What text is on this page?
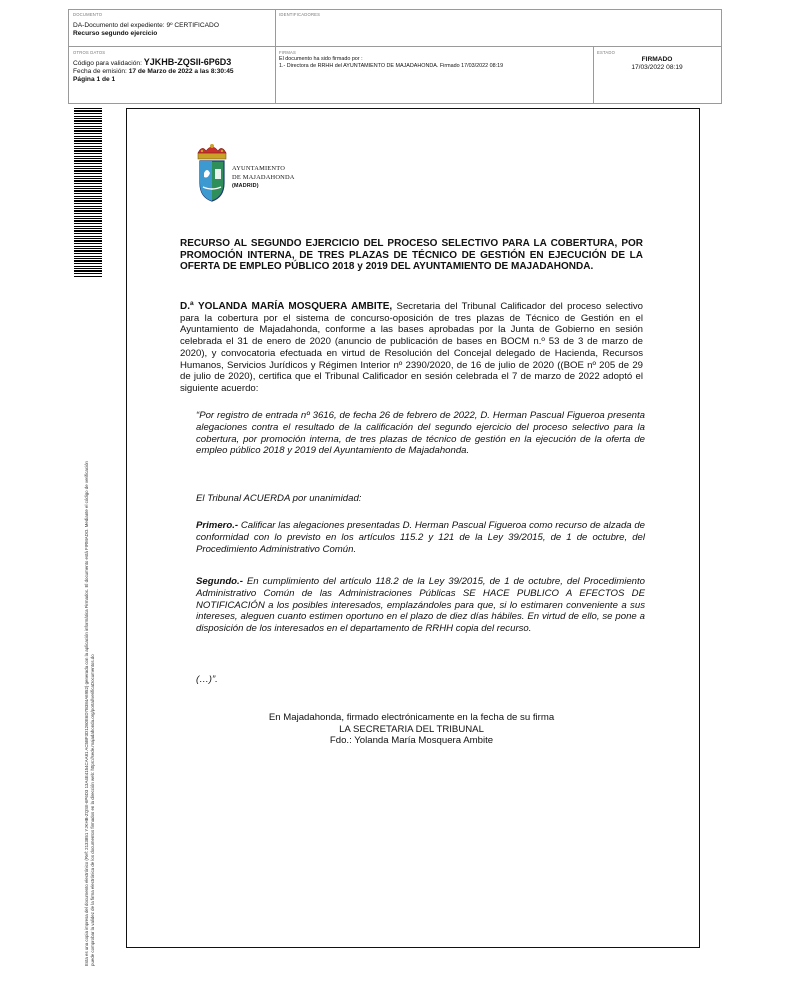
DOCUMENTO
DA-Documento del expediente: 9º CERTIFICADO
Recurso segundo ejercicio
IDENTIFICADORES
OTROS DATOS
Código para validación: YJKHB-ZQSII-6P6D3
Fecha de emisión: 17 de Marzo de 2022 a las 8:30:45
Página 1 de 1
FIRMAS
El documento ha sido firmado por :
1.- Directora de RRHH del AYUNTAMIENTO DE MAJADAHONDA. Firmado 17/03/2022 08:19
ESTADO
FIRMADO
17/03/2022 08:19
Esta es una copia impresa del documento electrónico (Ref: 2133851 YJKHB-ZQSII-6P6D3 13A4E4154CAA81 AC5BF3D1260E6D7B384A6952) generada con la aplicación informática Firmadoc. El documento está FIRMADO. Mediante el código de verificación puede comprobar la validez de la firma electrónica de los documentos firmados en la dirección web: https://sede.majadahonda.org/portal/verificaDocumentos.do
AYUNTAMIENTO
DE MAJADAHONDA
(MADRID)
RECURSO AL SEGUNDO EJERCICIO DEL PROCESO SELECTIVO PARA LA COBERTURA, POR PROMOCIÓN INTERNA, DE TRES PLAZAS DE TÉCNICO DE GESTIÓN EN EJECUCIÓN DE LA OFERTA DE EMPLEO PÚBLICO 2018 y 2019 DEL AYUNTAMIENTO DE MAJADAHONDA.
D.ª YOLANDA MARÍA MOSQUERA AMBITE, Secretaria del Tribunal Calificador del proceso selectivo para la cobertura por el sistema de concurso-oposición de tres plazas de Técnico de Gestión en el Ayuntamiento de Majadahonda, conforme a las bases aprobadas por la Junta de Gobierno en sesión celebrada el 31 de enero de 2020 (anuncio de publicación de bases en BOCM n.º 53 de 3 de marzo de 2020), y convocatoria efectuada en virtud de Resolución del Concejal delegado de Hacienda, Recursos Humanos, Servicios Jurídicos y Régimen Interior nº 2390/2020, de 16 de julio de 2020 ((BOE nº 205 de 29 de julio de 2020), certifica que el Tribunal Calificador en sesión celebrada el 7 de marzo de 2022 adoptó el siguiente acuerdo:
“Por registro de entrada nº 3616, de fecha 26 de febrero de 2022, D. Herman Pascual Figueroa presenta alegaciones contra el resultado de la calificación del segundo ejercicio del proceso selectivo para la cobertura, por promoción interna, de tres plazas de técnico de gestión en la ejecución de la oferta de empleo público 2018 y 2019 del Ayuntamiento de Majadahonda.
El Tribunal ACUERDA por unanimidad:
Primero.- Calificar las alegaciones presentadas D. Herman Pascual Figueroa como recurso de alzada de conformidad con lo previsto en los artículos 115.2 y 121 de la Ley 39/2015, de 1 de octubre, del Procedimiento Administrativo Común.
Segundo.- En cumplimiento del artículo 118.2 de la Ley 39/2015, de 1 de octubre, del Procedimiento Administrativo Común de las Administraciones Públicas SE HACE PUBLICO A EFECTOS DE NOTIFICACIÓN a los posibles interesados, emplazándoles para que, si lo estimaren conveniente a sus intereses, aleguen cuanto estimen oportuno en el plazo de diez días hábiles. En virtud de ello, se pone a disposición de los interesados en el departamento de RRHH copia del recurso.
(…)”.
En Majadahonda, firmado electrónicamente en la fecha de su firma
LA SECRETARIA DEL TRIBUNAL
Fdo.: Yolanda María Mosquera Ambite
